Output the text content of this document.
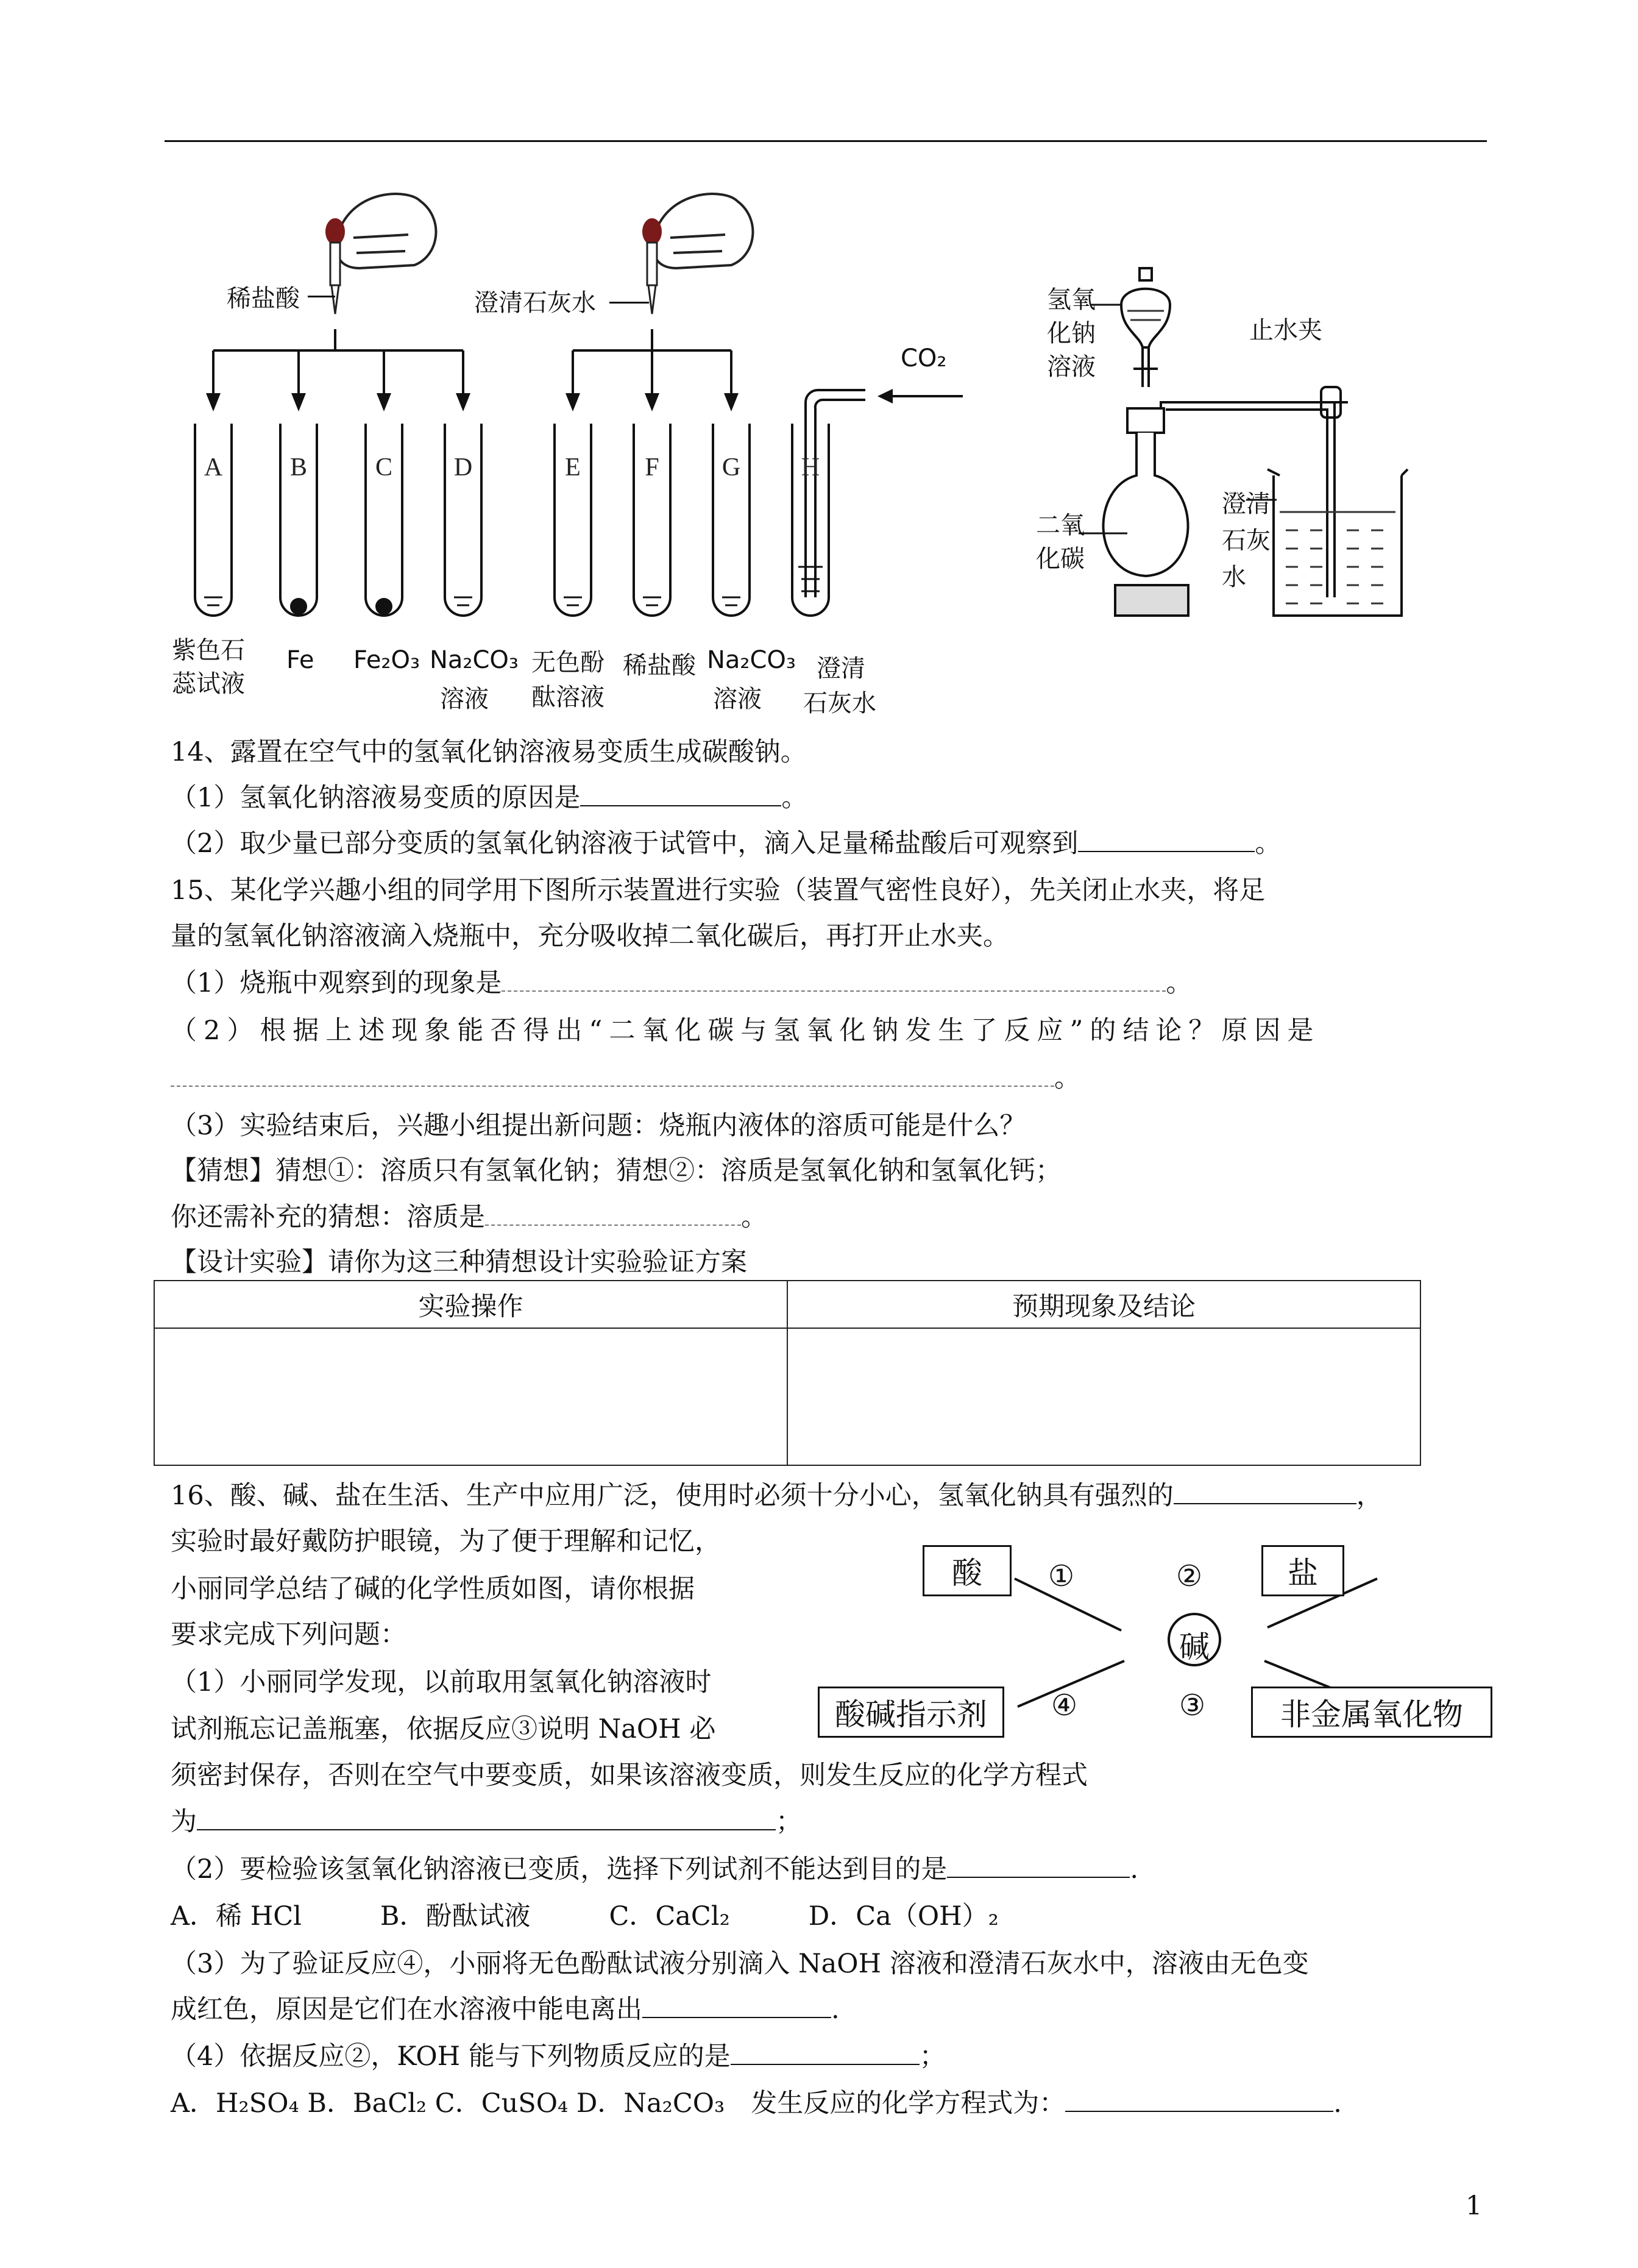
A	B	C D	E	F G H
稀盐酸	澄清石灰水
CO₂
紫色石
蕊试液
Fe Fe₂O₃ Na₂CO₃
溶液
无色酚
酞溶液
稀盐酸 Na₂CO₃
溶液
澄清
石灰水
氢氧
化钠
溶液
止水夹
二氧
化碳
澄清
石灰
水
14、露置在空气中的氢氧化钠溶液易变质生成碳酸钠。
（1）氢氧化钠溶液易变质的原因是	。
（2）取少量已部分变质的氢氧化钠溶液于试管中，滴入足量稀盐酸后可观察到	。
15、某化学兴趣小组的同学用下图所示装置进行实验（装置气密性良好），先关闭止水夹，将足
量的氢氧化钠溶液滴入烧瓶中，充分吸收掉二氧化碳后，再打开止水夹。
（1）烧瓶中观察到的现象是	。
（2）根据上述现象能否得出“二氧化碳与氢氧化钠发生了反应”的结论？原因是
。
（3）实验结束后，兴趣小组提出新问题：烧瓶内液体的溶质可能是什么？
【猜想】猜想①：溶质只有氢氧化钠；猜想②：溶质是氢氧化钠和氢氧化钙；
你还需补充的猜想：溶质是	。
【设计实验】请你为这三种猜想设计实验验证方案
实验操作	预期现象及结论

16、酸、碱、盐在生活、生产中应用广泛，使用时必须十分小心，氢氧化钠具有强烈的	，
实验时最好戴防护眼镜，为了便于理解和记忆，
小丽同学总结了碱的化学性质如图，请你根据
要求完成下列问题：
（1）小丽同学发现，以前取用氢氧化钠溶液时
试剂瓶忘记盖瓶塞，依据反应③说明 NaOH 必
须密封保存，否则在空气中要变质，如果该溶液变质，则发生反应的化学方程式
为	；
（2）要检验该氢氧化钠溶液已变质，选择下列试剂不能达到目的是	.
A．稀 HCl　　　B．酚酞试液　　　C．CaCl₂　　　D．Ca（OH）₂
（3）为了验证反应④，小丽将无色酚酞试液分别滴入 NaOH 溶液和澄清石灰水中，溶液由无色变
成红色，原因是它们在水溶液中能电离出	.
（4）依据反应②，KOH 能与下列物质反应的是	；
A．H₂SO₄ B．BaCl₂ C．CuSO₄ D．Na₂CO₃　发生反应的化学方程式为：	.
碱
酸	盐
酸碱指示剂	非金属氧化物
①	②
③
④
1
